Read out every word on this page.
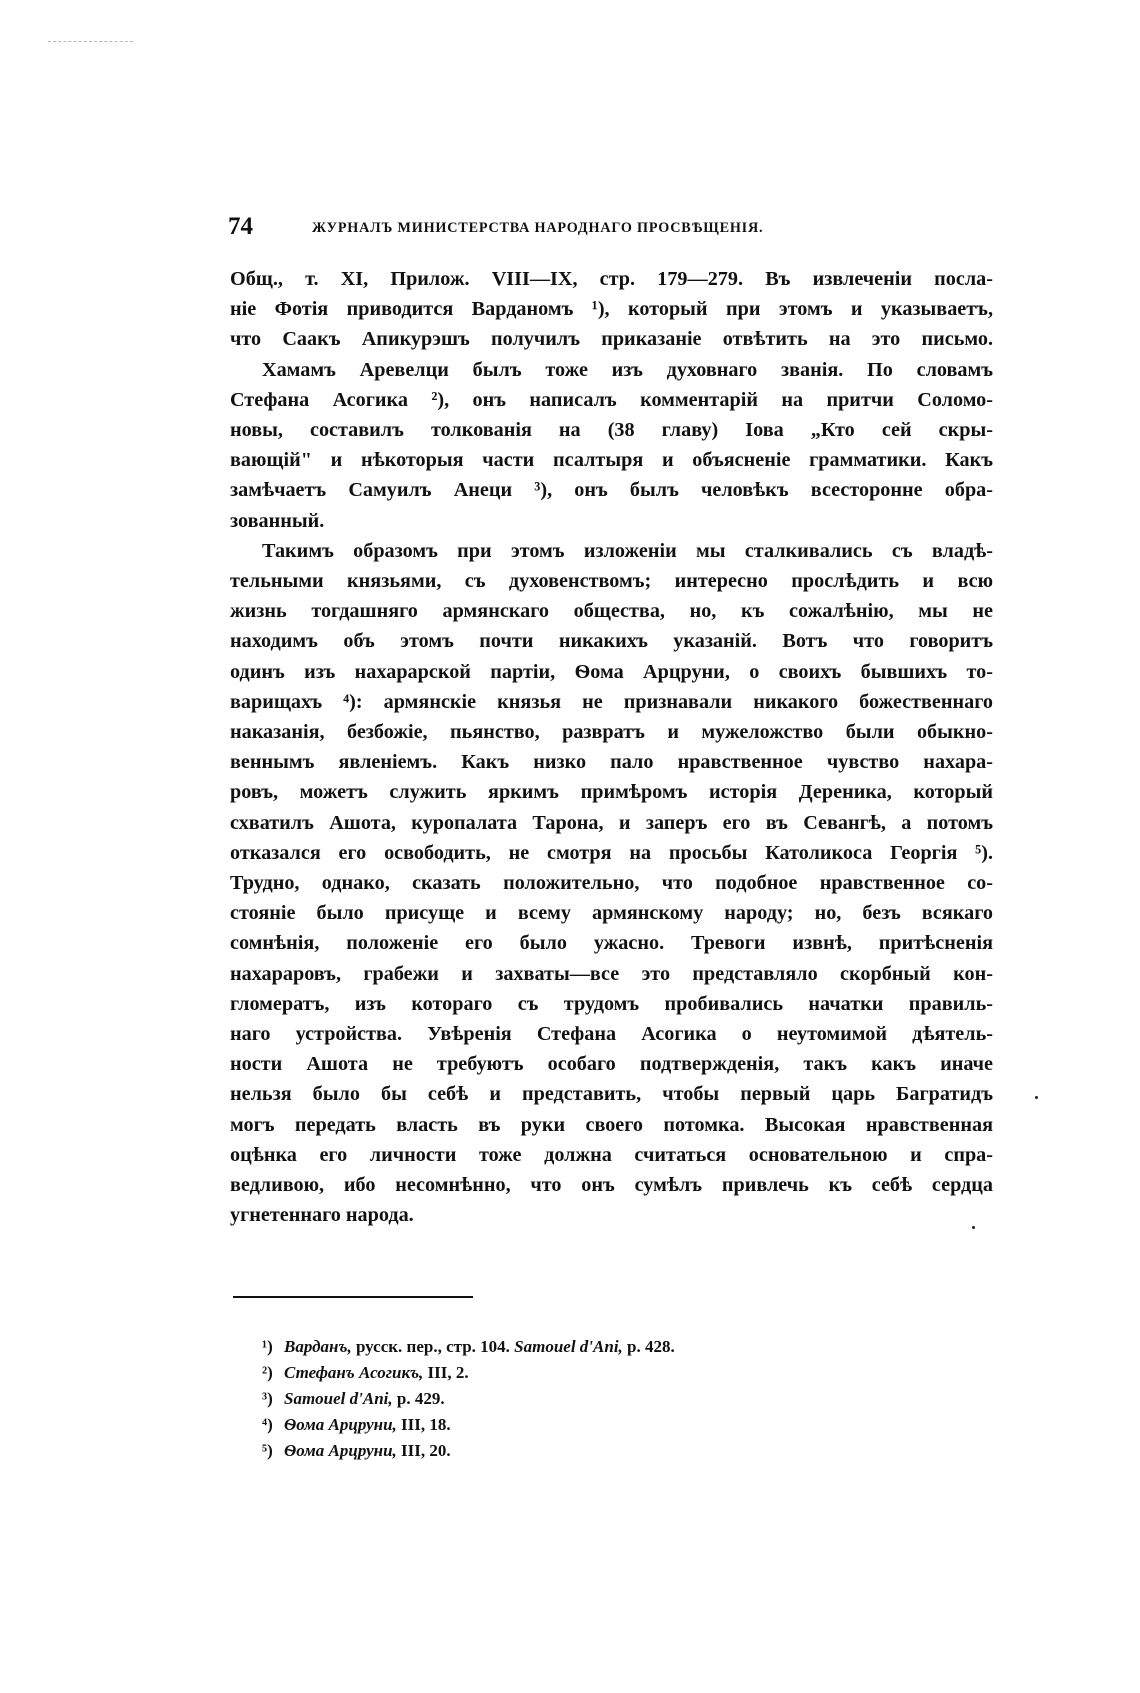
74	ЖУРНАЛЪ МИНИСТЕРСТВА НАРОДНАГО ПРОСВѢЩЕНІЯ.
Общ., т. XI, Прилож. VIII—IX, стр. 179—279. Въ извлеченіи посла-
ніе Фотія приводится Варданомъ ¹), который при этомъ и указываетъ,
что Саакъ Апикурэшъ получилъ приказаніе отвѣтить на это письмо.
Хамамъ Аревелци былъ тоже изъ духовнаго званія. По словамъ
Стефана Асогика ²), онъ написалъ комментарій на притчи Соломо-
новы, составилъ толкованія на (38 главу) Іова „Кто сей скры-
вающій" и нѣкоторыя части псалтыря и объясненіе грамматики. Какъ
замѣчаетъ Самуилъ Анеци ³), онъ былъ человѣкъ всесторонне обра-
зованный.
Такимъ образомъ при этомъ изложеніи мы сталкивались съ владѣ-
тельными князьями, съ духовенствомъ; интересно прослѣдить и всю
жизнь тогдашняго армянскаго общества, но, къ сожалѣнію, мы не
находимъ объ этомъ почти никакихъ указаній. Вотъ что говоритъ
одинъ изъ нахарарской партіи, Ѳома Арцруни, о своихъ бывшихъ то-
варищахъ ⁴): армянскіе князья не признавали никакого божественнаго
наказанія, безбожіе, пьянство, развратъ и мужеложство были обыкно-
веннымъ явленіемъ. Какъ низко пало нравственное чувство нахара-
ровъ, можетъ служить яркимъ примѣромъ исторія Дереника, который
схватилъ Ашота, куропалата Тарона, и заперъ его въ Севангѣ, а потомъ
отказался его освободить, не смотря на просьбы Католикоса Георгія ⁵).
Трудно, однако, сказать положительно, что подобное нравственное со-
стояніе было присуще и всему армянскому народу; но, безъ всякаго
сомнѣнія, положеніе его было ужасно. Тревоги извнѣ, притѣсненія
нахараровъ, грабежи и захваты—все это представляло скорбный кон-
гломератъ, изъ котораго съ трудомъ пробивались начатки правиль-
наго устройства. Увѣренія Стефана Асогика о неутомимой дѣятель-
ности Ашота не требуютъ особаго подтвержденія, такъ какъ иначе
нельзя было бы себѣ и представить, чтобы первый царь Багратидъ
могъ передать власть въ руки своего потомка. Высокая нравственная
оцѣнка его личности тоже должна считаться основательною и спра-
ведливою, ибо несомнѣнно, что онъ сумѣлъ привлечь къ себѣ сердца
угнетеннаго народа.
¹) Варданъ, русск. пер., стр. 104. Samouel d'Ani, p. 428.
²) Стефанъ Асогикъ, III, 2.
³) Samouel d'Ani, p. 429.
⁴) Ѳома Арцруни, III, 18.
⁵) Ѳома Арцруни, III, 20.
